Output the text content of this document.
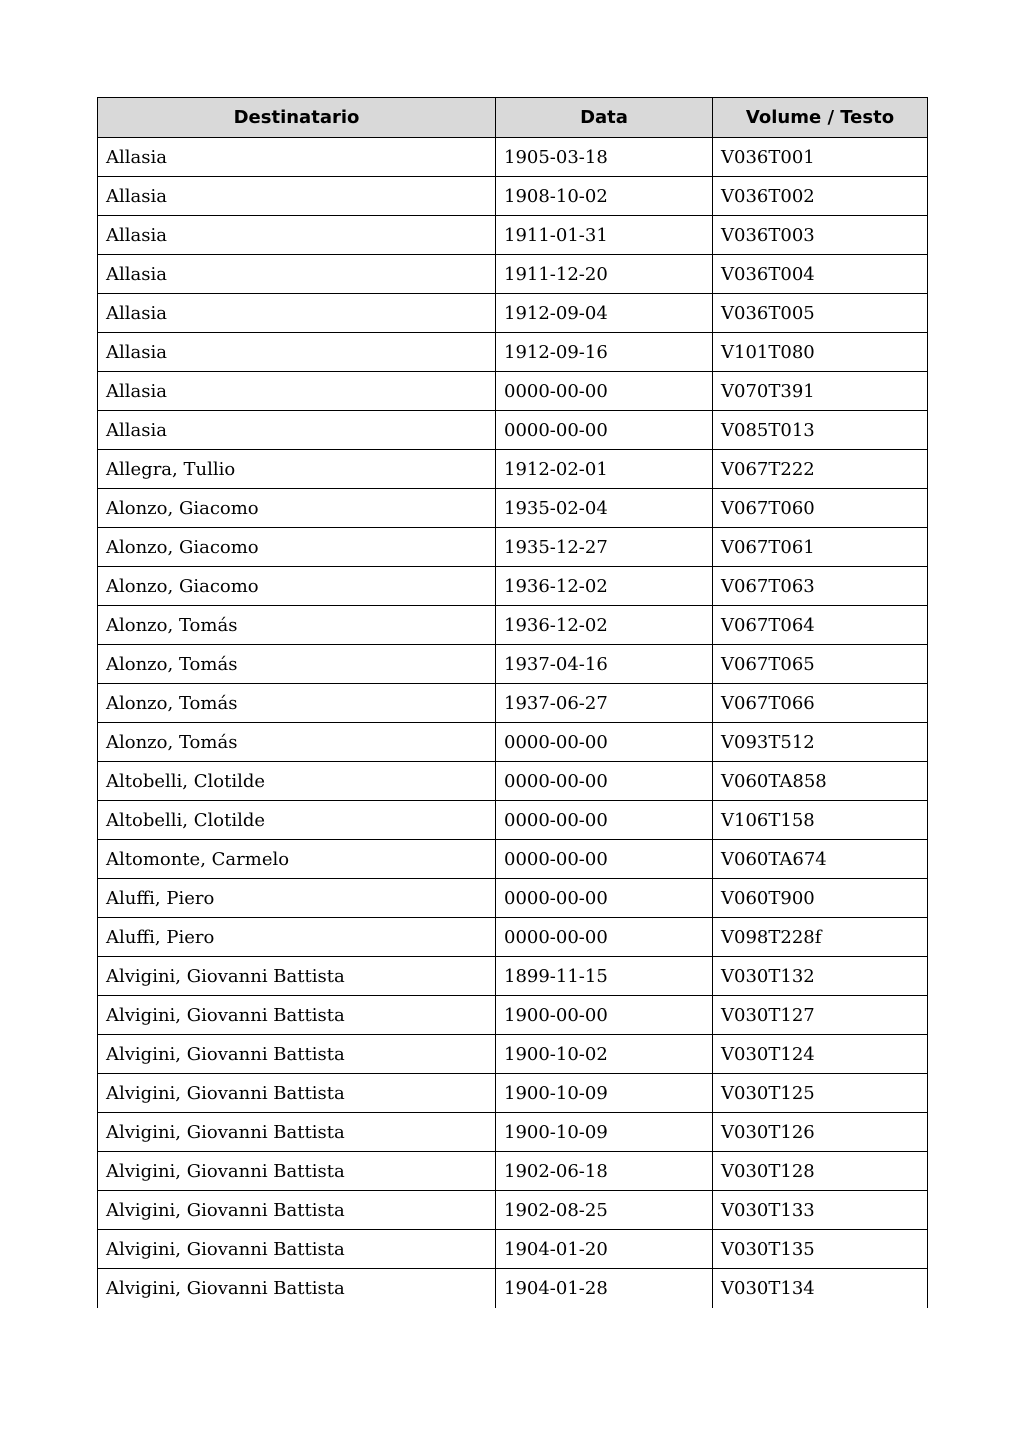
Destinatario	Data	Volume / Testo
Allasia	1905-03-18	V036T001
Allasia	1908-10-02	V036T002
Allasia	1911-01-31	V036T003
Allasia	1911-12-20	V036T004
Allasia	1912-09-04	V036T005
Allasia	1912-09-16	V101T080
Allasia	0000-00-00	V070T391
Allasia	0000-00-00	V085T013
Allegra, Tullio	1912-02-01	V067T222
Alonzo, Giacomo	1935-02-04	V067T060
Alonzo, Giacomo	1935-12-27	V067T061
Alonzo, Giacomo	1936-12-02	V067T063
Alonzo, Tomás	1936-12-02	V067T064
Alonzo, Tomás	1937-04-16	V067T065
Alonzo, Tomás	1937-06-27	V067T066
Alonzo, Tomás	0000-00-00	V093T512
Altobelli, Clotilde	0000-00-00	V060TA858
Altobelli, Clotilde	0000-00-00	V106T158
Altomonte, Carmelo	0000-00-00	V060TA674
Aluffi, Piero	0000-00-00	V060T900
Aluffi, Piero	0000-00-00	V098T228f
Alvigini, Giovanni Battista	1899-11-15	V030T132
Alvigini, Giovanni Battista	1900-00-00	V030T127
Alvigini, Giovanni Battista	1900-10-02	V030T124
Alvigini, Giovanni Battista	1900-10-09	V030T125
Alvigini, Giovanni Battista	1900-10-09	V030T126
Alvigini, Giovanni Battista	1902-06-18	V030T128
Alvigini, Giovanni Battista	1902-08-25	V030T133
Alvigini, Giovanni Battista	1904-01-20	V030T135
Alvigini, Giovanni Battista	1904-01-28	V030T134
